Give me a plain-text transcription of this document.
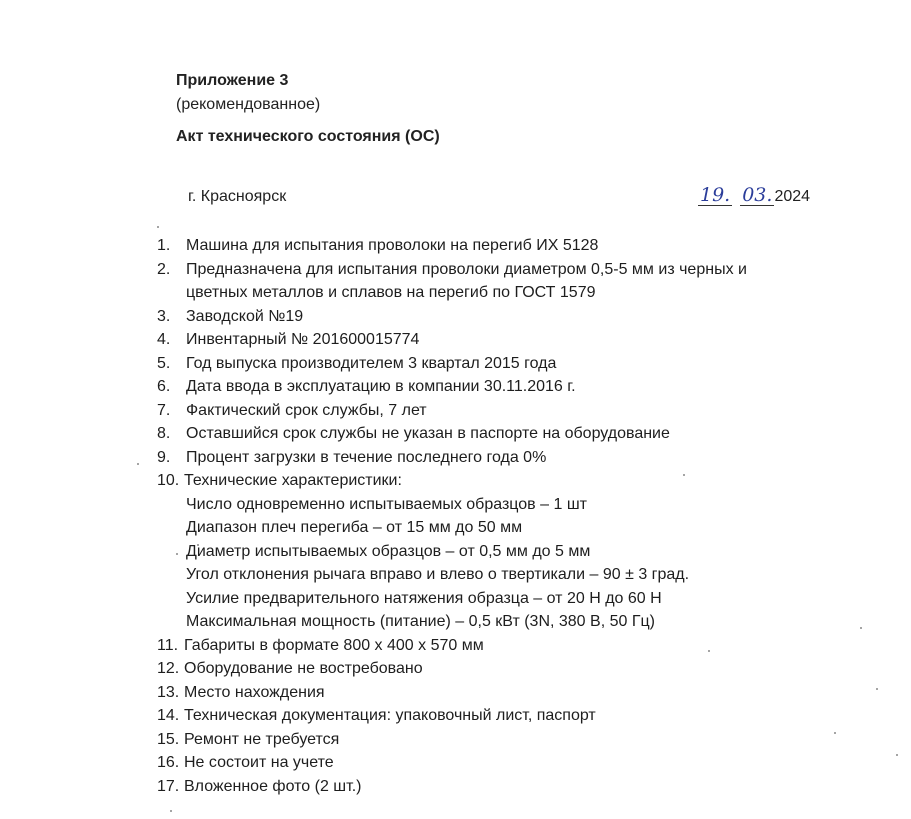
Приложение 3
(рекомендованное)
Акт технического состояния (ОС)
г. Красноярск	19. 03. 2024
1. Машина для испытания проволоки на перегиб ИХ 5128
2. Предназначена для испытания проволоки диаметром 0,5-5 мм из черных и
цветных металлов и сплавов на перегиб по ГОСТ 1579
3. Заводской №19
4. Инвентарный № 201600015774
5. Год выпуска производителем 3 квартал 2015 года
6. Дата ввода в эксплуатацию в компании 30.11.2016 г.
7. Фактический срок службы, 7 лет
8. Оставшийся срок службы не указан в паспорте на оборудование
9. Процент загрузки в течение последнего года 0%
10. Технические характеристики:
Число одновременно испытываемых образцов – 1 шт
Диапазон плеч перегиба – от 15 мм до 50 мм
Диаметр испытываемых образцов – от 0,5 мм до 5 мм
Угол отклонения рычага вправо и влево о твертикали – 90 ± 3 град.
Усилие предварительного натяжения образца – от 20 Н до 60 Н
Максимальная мощность (питание) – 0,5 кВт (3N, 380 В, 50 Гц)
11. Габариты в формате 800 х 400 х 570 мм
12. Оборудование не востребовано
13. Место нахождения
14. Техническая документация: упаковочный лист, паспорт
15. Ремонт не требуется
16. Не состоит на учете
17. Вложенное фото (2 шт.)
